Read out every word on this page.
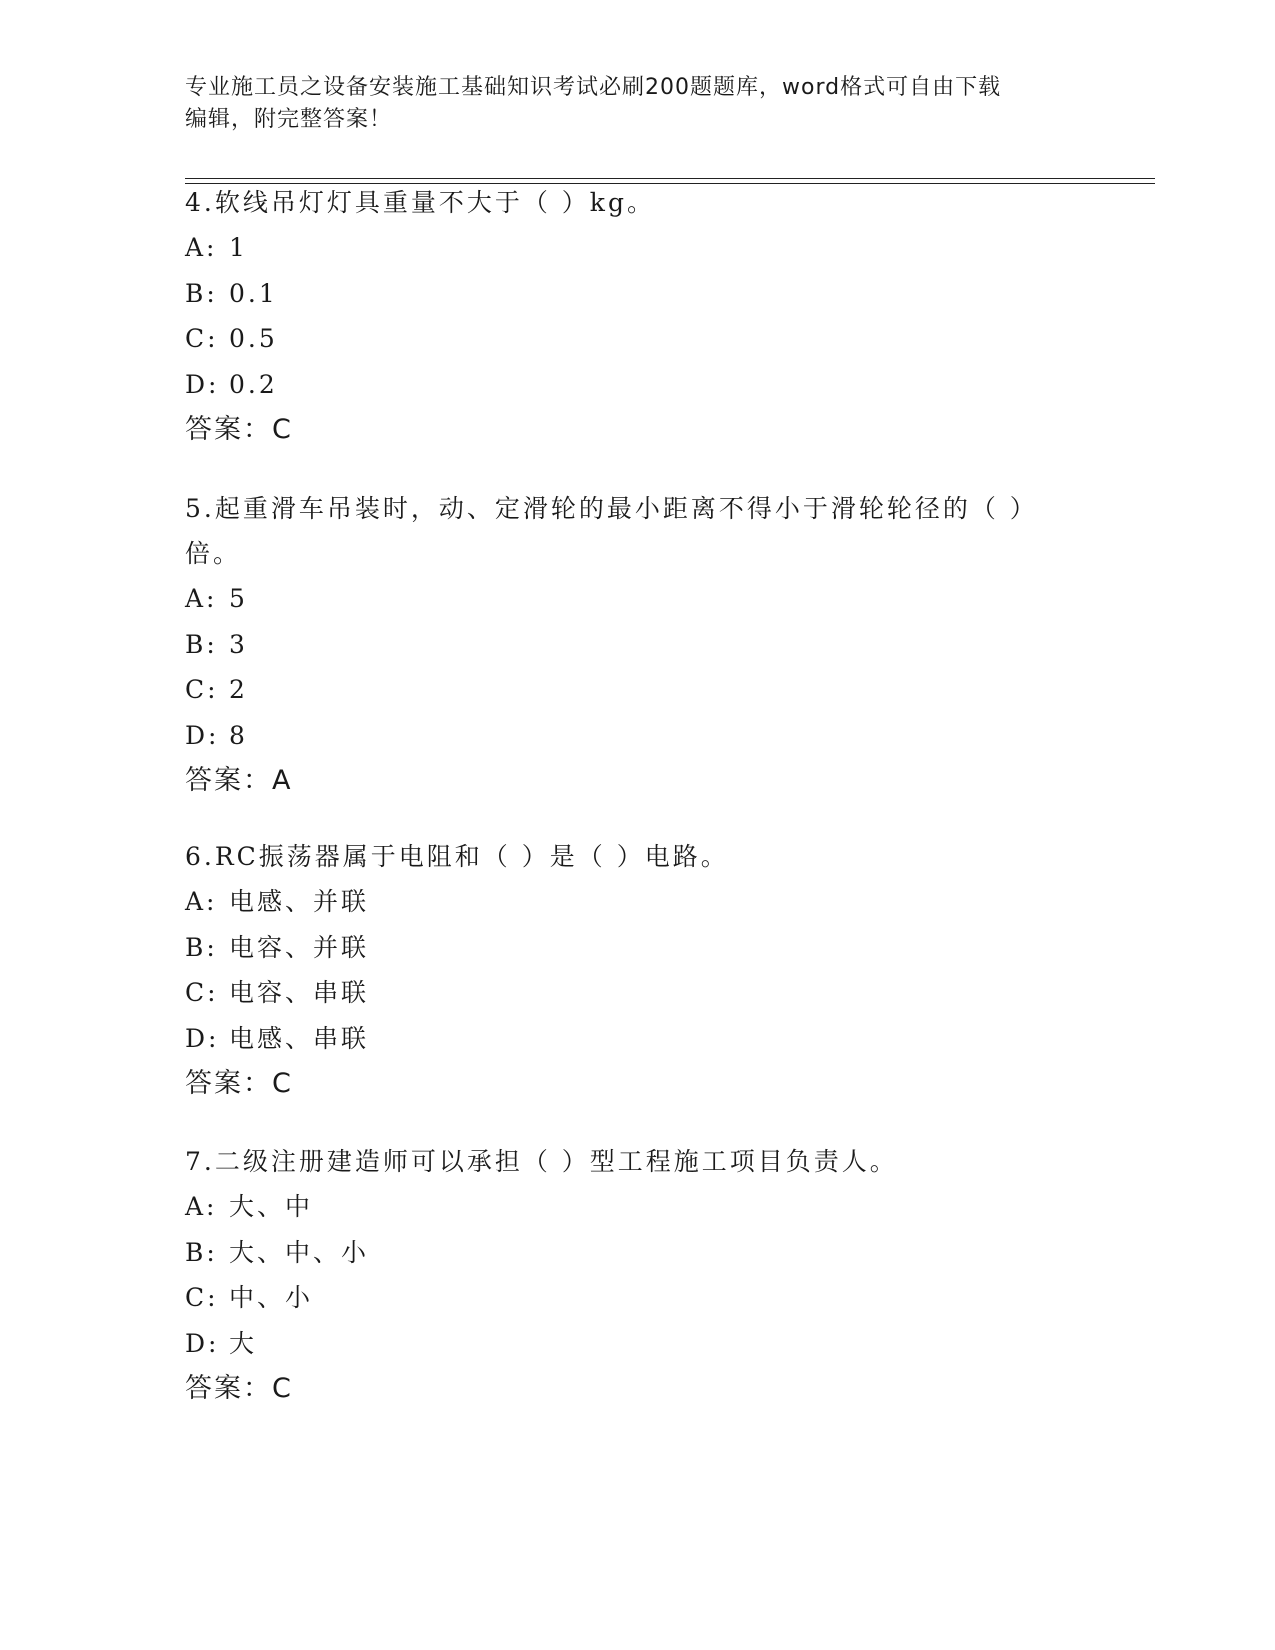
专业施工员之设备安装施工基础知识考试必刷200题题库，word格式可自由下载
编辑，附完整答案！
4.软线吊灯灯具重量不大于（ ）kg。
A: 1
B: 0.1
C: 0.5
D: 0.2
答案：C
5.起重滑车吊装时，动、定滑轮的最小距离不得小于滑轮轮径的（ ）倍。
A: 5
B: 3
C: 2
D: 8
答案：A
6.RC振荡器属于电阻和（ ）是（ ）电路。
A: 电感、并联
B: 电容、并联
C: 电容、串联
D: 电感、串联
答案：C
7.二级注册建造师可以承担（ ）型工程施工项目负责人。
A: 大、中
B: 大、中、小
C: 中、小
D: 大
答案：C
